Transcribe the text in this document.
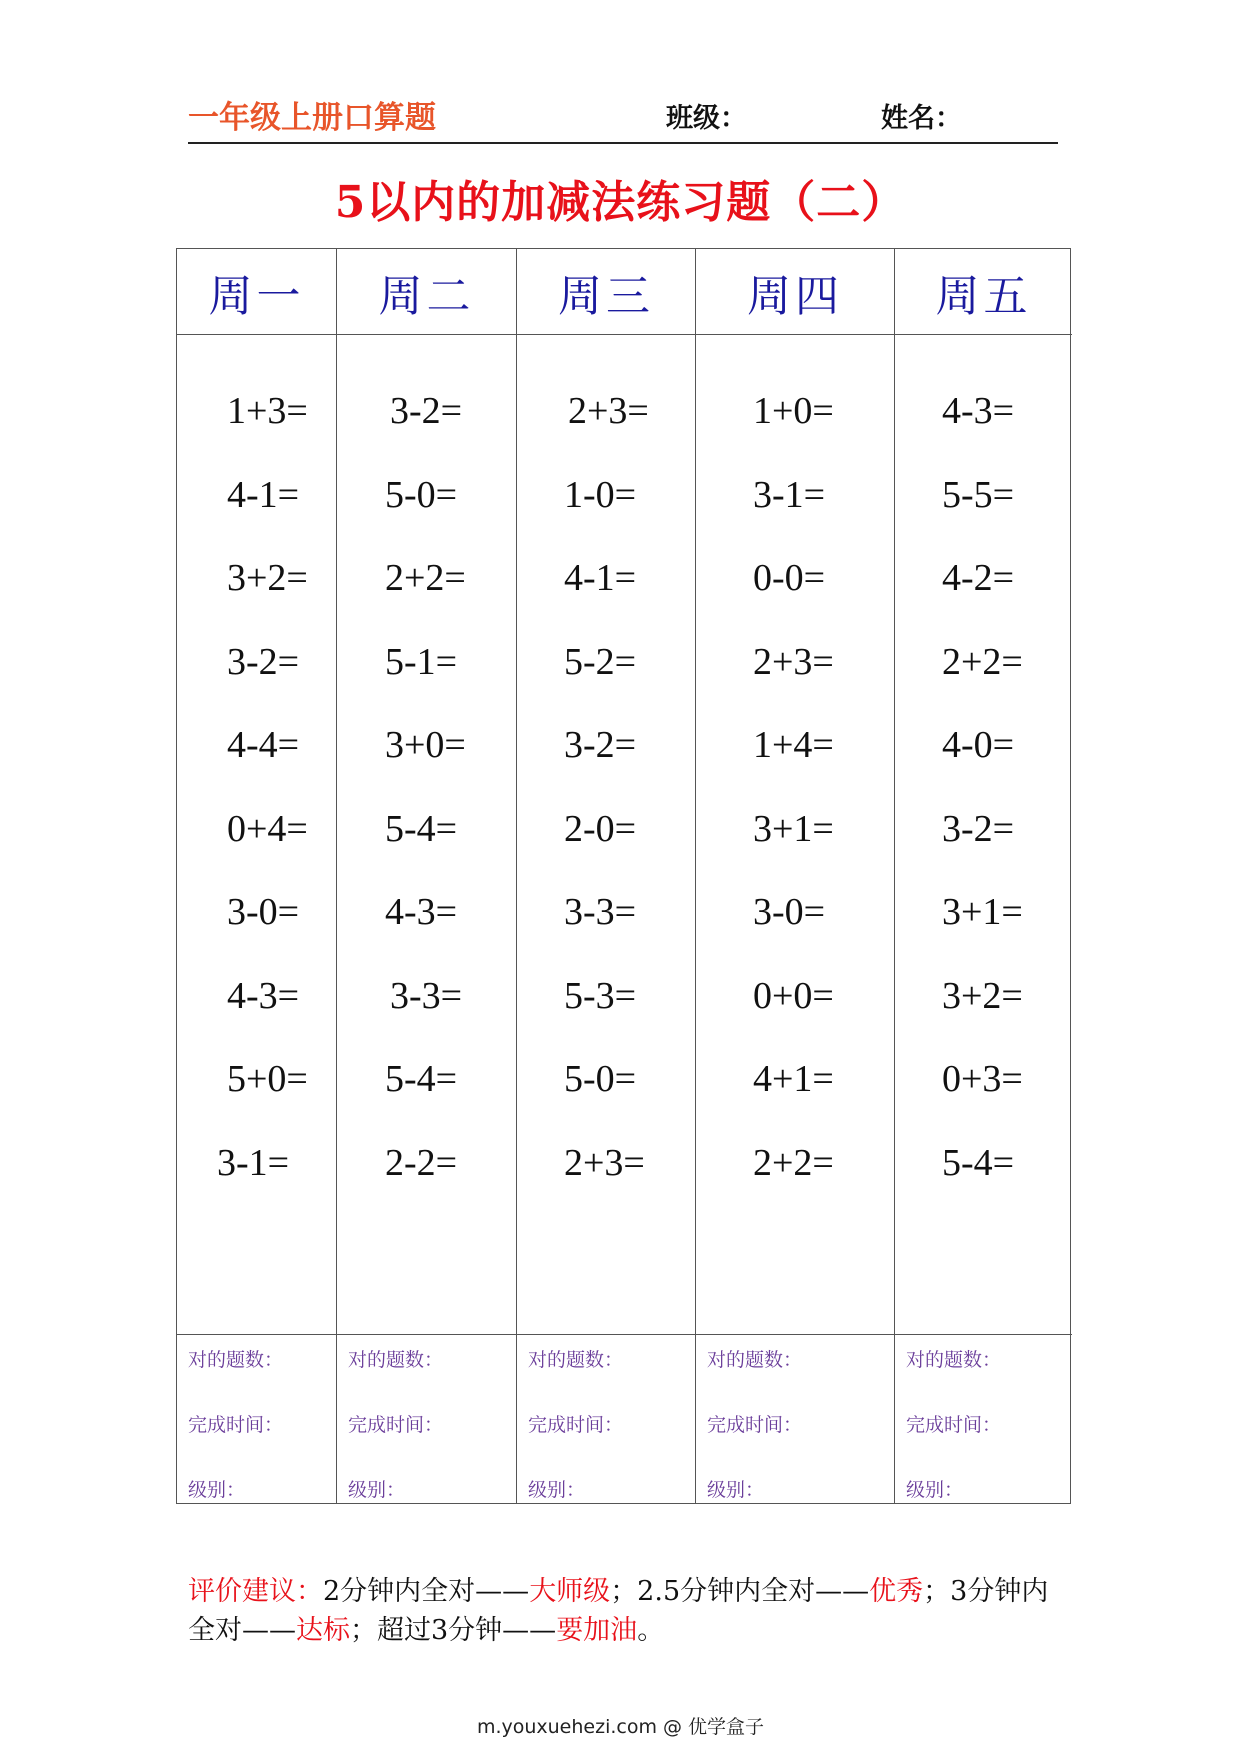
一年级上册口算题	班级：	姓名：
5以内的加减法练习题（二）
周一
1+3=
4-1=
3+2=
3-2=
4-4=
0+4=
3-0=
4-3=
5+0=
3-1=
对的题数：
完成时间：
级别：
周二
3-2=
5-0=
2+2=
5-1=
3+0=
5-4=
4-3=
3-3=
5-4=
2-2=
对的题数：
完成时间：
级别：
周三
2+3=
1-0=
4-1=
5-2=
3-2=
2-0=
3-3=
5-3=
5-0=
2+3=
对的题数：
完成时间：
级别：
周四
1+0=
3-1=
0-0=
2+3=
1+4=
3+1=
3-0=
0+0=
4+1=
2+2=
对的题数：
完成时间：
级别：
周五
4-3=
5-5=
4-2=
2+2=
4-0=
3-2=
3+1=
3+2=
0+3=
5-4=
对的题数：
完成时间：
级别：
评价建议：2分钟内全对——大师级；2.5分钟内全对——优秀；3分钟内全对——达标；超过3分钟——要加油。
m.youxuehezi.com @ 优学盒子
